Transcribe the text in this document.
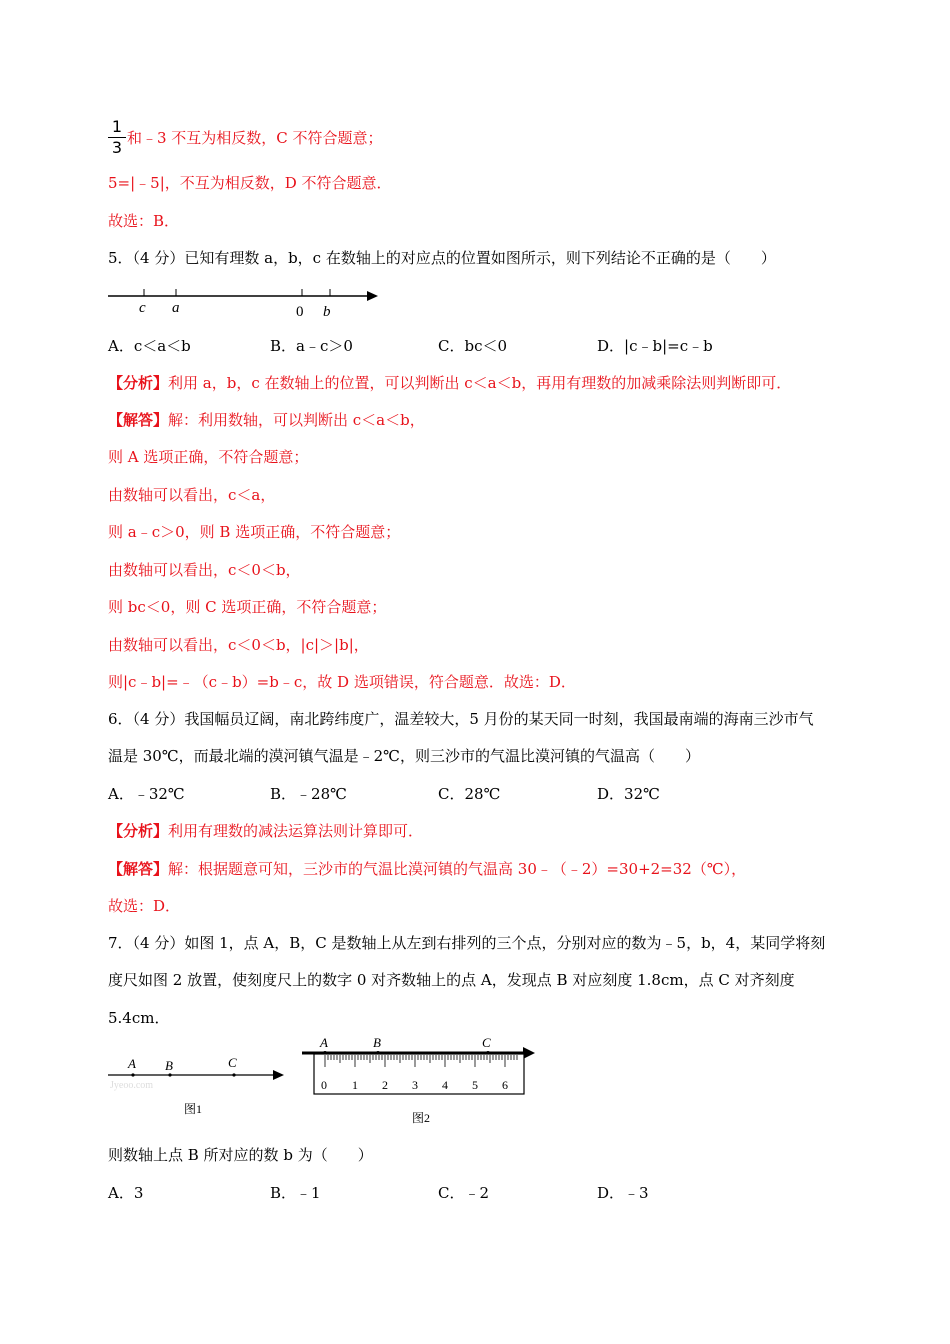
1
3 和﹣3 不互为相反数，C 不符合题意；
5=|﹣5|，不互为相反数，D 不符合题意．
故选：B．
5．（4 分）已知有理数 a，b，c 在数轴上的对应点的位置如图所示，则下列结论不正确的是（　　）
c a	0 b
A．c＜a＜b	B．a﹣c＞0	C．bc＜0	D．|c﹣b|=c﹣b
【分析】利用 a，b，c 在数轴上的位置，可以判断出 c＜a＜b，再用有理数的加减乘除法则判断即可．
【解答】解：利用数轴，可以判断出 c＜a＜b，
则 A 选项正确，不符合题意；
由数轴可以看出，c＜a，
则 a﹣c＞0，则 B 选项正确，不符合题意；
由数轴可以看出，c＜0＜b，
则 bc＜0，则 C 选项正确，不符合题意；
由数轴可以看出，c＜0＜b，|c|＞|b|，
则|c﹣b|=﹣（c﹣b）=b﹣c，故 D 选项错误，符合题意．故选：D．
6．（4 分）我国幅员辽阔，南北跨纬度广，温差较大，5 月份的某天同一时刻，我国最南端的海南三沙市气
温是 30℃，而最北端的漠河镇气温是﹣2℃，则三沙市的气温比漠河镇的气温高（　　）
A．﹣32℃	B．﹣28℃	C．28℃	D．32℃
【分析】利用有理数的减法运算法则计算即可．
【解答】解：根据题意可知，三沙市的气温比漠河镇的气温高 30﹣（﹣2）=30+2=32（℃），
故选：D．
7．（4 分）如图 1，点 A，B，C 是数轴上从左到右排列的三个点，分别对应的数为﹣5，b，4，某同学将刻
度尺如图 2 放置，使刻度尺上的数字 0 对齐数轴上的点 A，发现点 B 对应刻度 1.8cm，点 C 对齐刻度
5.4cm．
Jyeoo.com
A B	C
图1
A	B	C
0 1 2 3 4 5 6
图2
则数轴上点 B 所对应的数 b 为（　　）
A．3	B．﹣1	C．﹣2	D．﹣3
